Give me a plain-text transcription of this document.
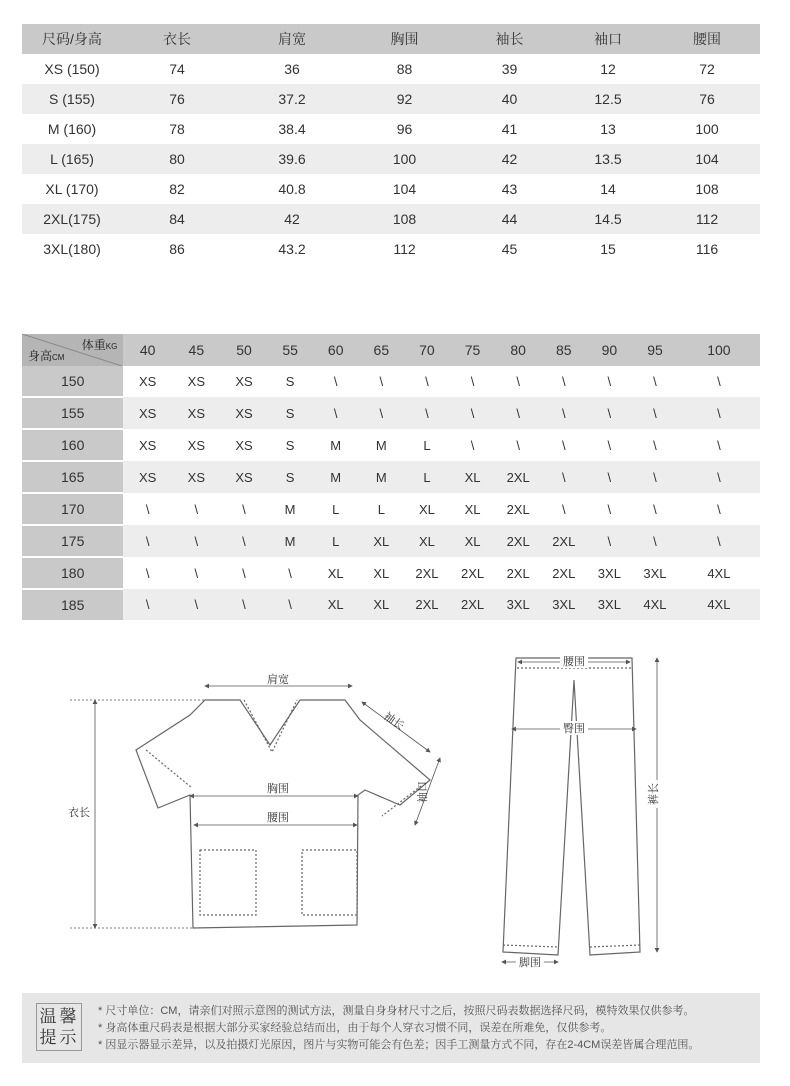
尺码/身高	衣长	肩宽	胸围	袖长	袖口	腰围
XS (150)	74	36	88	39	12	72
S (155)	76	37.2	92	40	12.5	76
M (160)	78	38.4	96	41	13	100
L (165)	80	39.6	100	42	13.5	104
XL (170)	82	40.8	104	43	14	108
2XL(175)	84	42	108	44	14.5	112
3XL(180)	86	43.2	112	45	15	116
体重KG
身高CM	40	45	50	55	60	65	70	75	80	85	90	95	100
150	XS	XS	XS	S	\	\	\	\	\	\	\	\	\
155	XS	XS	XS	S	\	\	\	\	\	\	\	\	\
160	XS	XS	XS	S	M	M	L	\	\	\	\	\	\
165	XS	XS	XS	S	M	M	L	XL	2XL	\	\	\	\
170	\	\	\	M	L	L	XL	XL	2XL	\	\	\	\
175	\	\	\	M	L	XL	XL	XL	2XL	2XL	\	\	\
180	\	\	\	\	XL	XL	2XL	2XL	2XL	2XL	3XL	3XL	4XL
185	\	\	\	\	XL	XL	2XL	2XL	3XL	3XL	3XL	4XL	4XL
肩宽
袖长
袖口
衣长
胸围
腰围
腰围
臀围
裤长
脚围
温 馨
提 示
* 尺寸单位：CM，请亲们对照示意图的测试方法，测量自身身材尺寸之后，按照尺码表数据选择尺码，模特效果仅供参考。
* 身高体重尺码表是根据大部分买家经验总结而出，由于每个人穿衣习惯不同，误差在所难免，仅供参考。
* 因显示器显示差异，以及拍摄灯光原因，图片与实物可能会有色差；因手工测量方式不同，存在2-4CM误差皆属合理范围。
